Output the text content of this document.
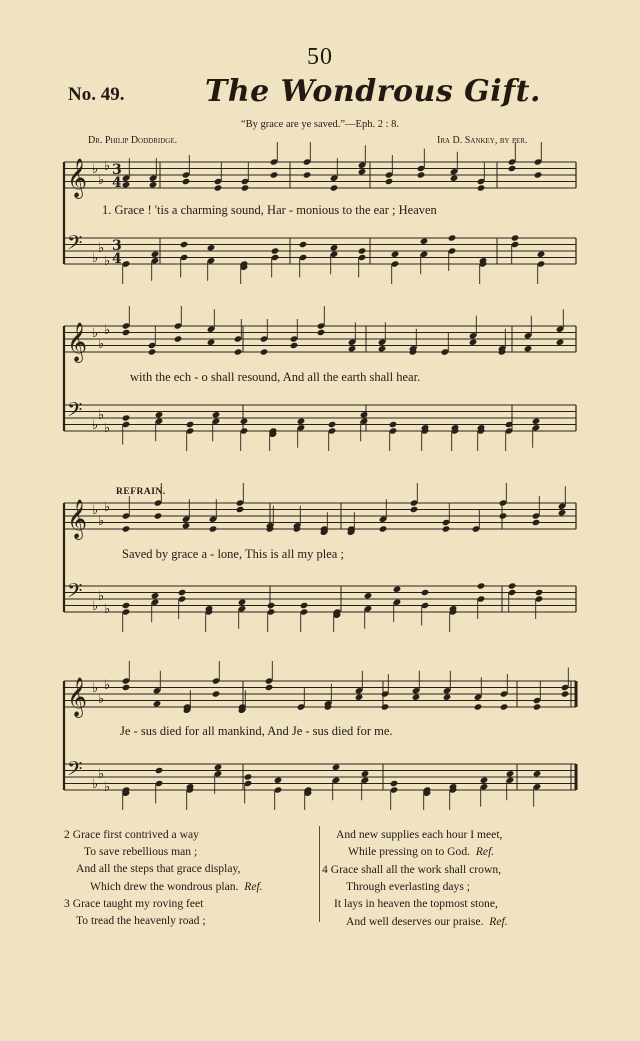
50
No. 49.	The Wondrous Gift.
“By grace are ye saved.”—Eph. 2 : 8.
Dr. Philip Doddridge.	Ira D. Sankey, by per.
𝄞 ♭
♭
♭ 3
4
𝄢 ♭
♭
♭
3
4
𝄞 ♭
♭
♭
𝄢 ♭
♭
♭
𝄞 ♭
♭
♭
𝄢 ♭
♭
♭
𝄞 ♭
♭
♭
𝄢 ♭
♭
♭
1. Grace ! 'tis a charming sound, Har - monious to the ear ; Heaven
with the ech - o shall resound, And all the earth shall hear.
REFRAIN.
Saved by grace a - lone, This is all my plea ;
Je - sus died for all mankind, And Je - sus died for me.
2 Grace first contrived a way
To save rebellious man ;
And all the steps that grace display,
Which drew the wondrous plan. Ref.
3 Grace taught my roving feet
To tread the heavenly road ;
And new supplies each hour I meet,
While pressing on to God. Ref.
4 Grace shall all the work shall crown,
Through everlasting days ;
It lays in heaven the topmost stone,
And well deserves our praise. Ref.
